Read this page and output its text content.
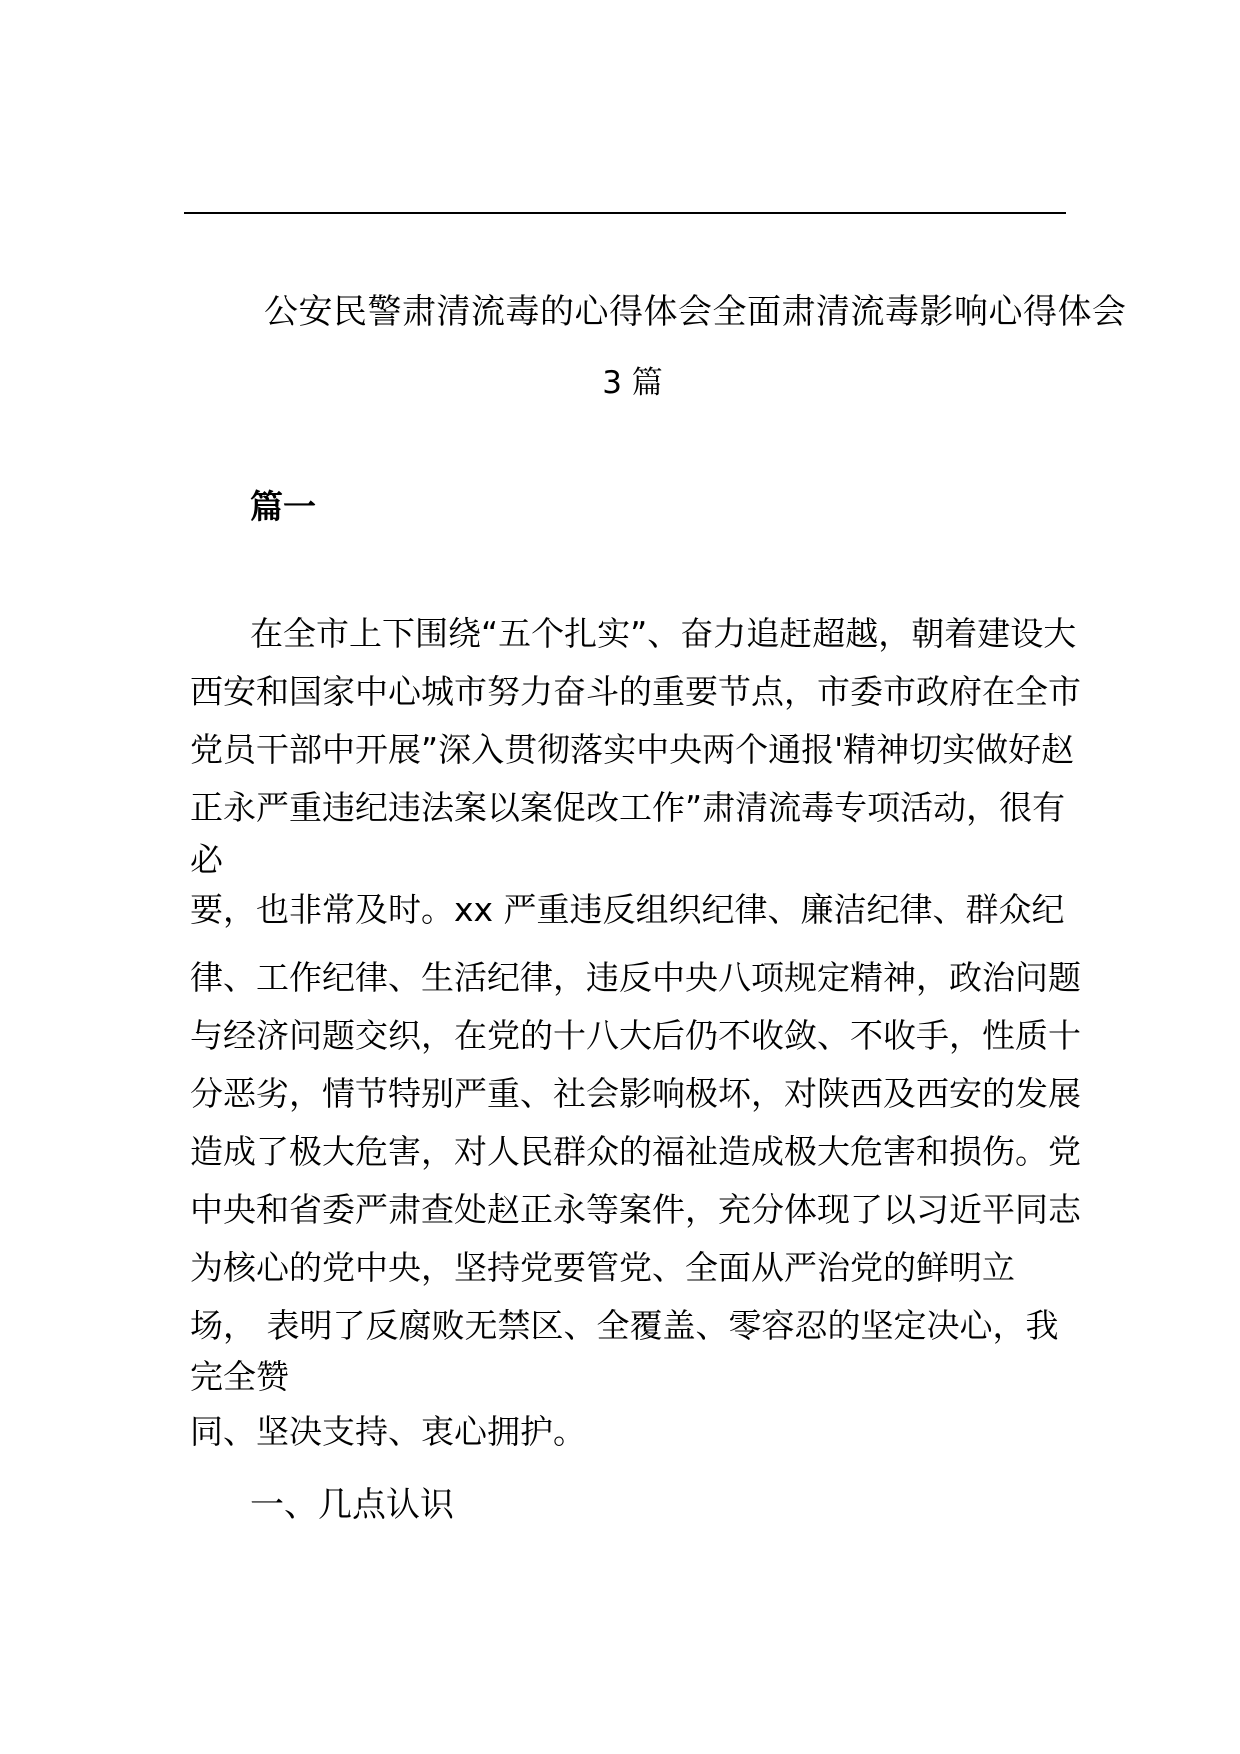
公安民警肃清流毒的心得体会全面肃清流毒影响心得体会
3 篇
篇一
在全市上下围绕“五个扎实”、奋力追赶超越，朝着建设大
西安和国家中心城市努力奋斗的重要节点，市委市政府在全市
党员干部中开展”深入贯彻落实中央两个通报'精神切实做好赵
正永严重违纪违法案以案促改工作”肃清流毒专项活动，很有
必
要，也非常及时。xx 严重违反组织纪律、廉洁纪律、群众纪
律、工作纪律、生活纪律，违反中央八项规定精神，政治问题
与经济问题交织，在党的十八大后仍不收敛、不收手，性质十
分恶劣，情节特别严重、社会影响极坏，对陕西及西安的发展
造成了极大危害，对人民群众的福祉造成极大危害和损伤。党
中央和省委严肃查处赵正永等案件，充分体现了以习近平同志
为核心的党中央，坚持党要管党、全面从严治党的鲜明立
场， 表明了反腐败无禁区、全覆盖、零容忍的坚定决心，我
完全赞
同、坚决支持、衷心拥护。
一、几点认识
